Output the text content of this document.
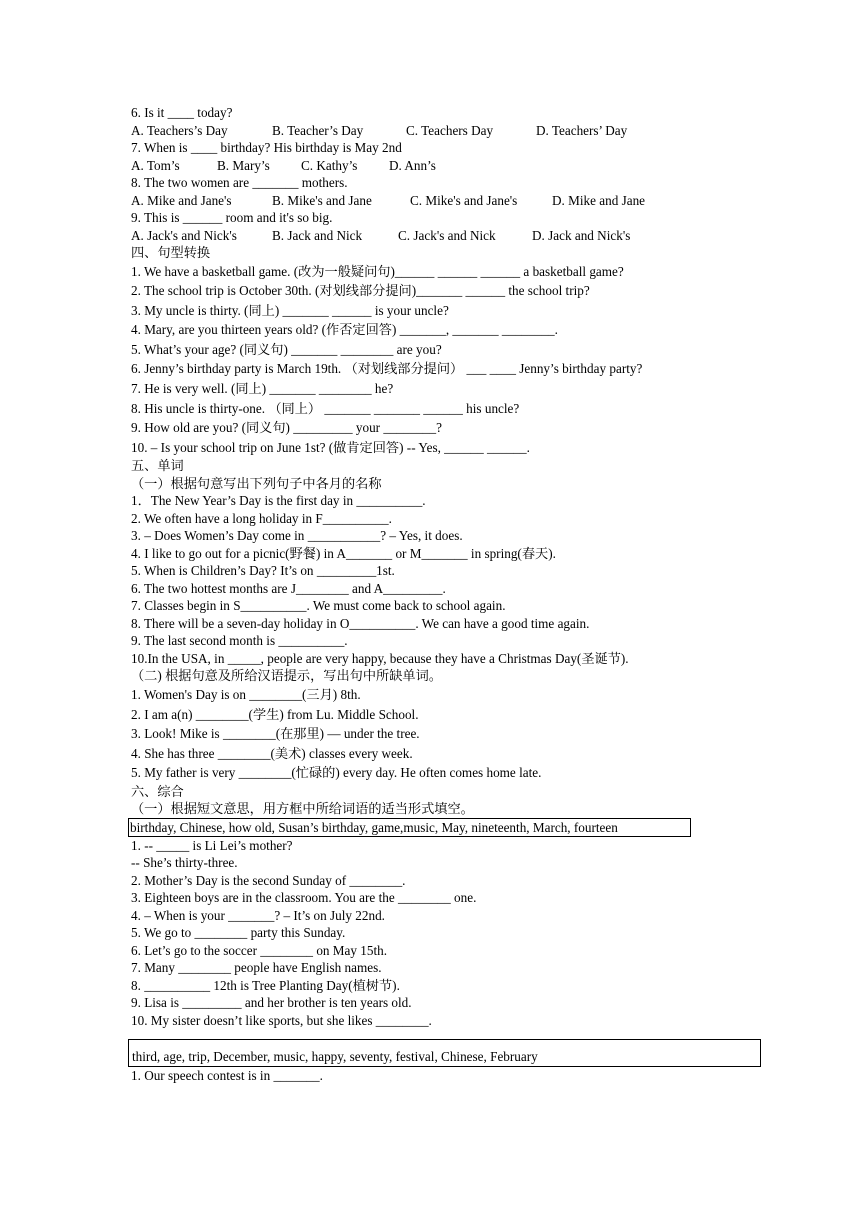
6. Is it ____ today?
A. Teachers’s Day	B. Teacher’s Day	C. Teachers Day	D. Teachers’ Day
7. When is ____ birthday? His birthday is May 2nd
A. Tom’s	B. Mary’s C. Kathy’s D. Ann’s
8. The two women are _______ mothers.
A. Mike and Jane's	B. Mike's and Jane	C. Mike's and Jane's	D. Mike and Jane
9. This is ______ room and it's so big.
A. Jack's and Nick's	B. Jack and Nick	C. Jack's and Nick	D. Jack and Nick's
四、句型转换
1. We have a basketball game. (改为一般疑问句)______ ______ ______ a basketball game?
2. The school trip is October 30th. (对划线部分提问)_______ ______ the school trip?
3. My uncle is thirty. (同上) _______ ______ is your uncle?
4. Mary, are you thirteen years old? (作否定回答) _______, _______ ________.
5. What’s your age? (同义句) _______ ________ are you?
6. Jenny’s birthday party is March 19th. （对划线部分提问） ___ ____ Jenny’s birthday party?
7. He is very well. (同上) _______ ________ he?
8. His uncle is thirty-one. （同上） _______ _______ ______ his uncle?
9. How old are you? (同义句) _________ your ________?
10. – Is your school trip on June 1st? (做肯定回答) -- Yes, ______ ______.
五、单词
（一）根据句意写出下列句子中各月的名称
1．The New Year’s Day is the first day in __________.
2. We often have a long holiday in F__________.
3. – Does Women’s Day come in ___________? – Yes, it does.
4. I like to go out for a picnic(野餐) in A_______ or M_______ in spring(春天).
5. When is Children’s Day? It’s on _________1st.
6. The two hottest months are J________ and A_________.
7. Classes begin in S__________. We must come back to school again.
8. There will be a seven-day holiday in O__________. We can have a good time again.
9. The last second month is __________.
10.In the USA, in _____, people are very happy, because they have a Christmas Day(圣诞节).
（二) 根据句意及所给汉语提示，写出句中所缺单词。
1. Women's Day is on ________(三月) 8th.
2. I am a(n) ________(学生) from Lu. Middle School.
3. Look! Mike is ________(在那里) — under the tree.
4. She has three ________(美术) classes every week.
5. My father is very ________(忙碌的) every day. He often comes home late.
六、综合
（一）根据短文意思，用方框中所给词语的适当形式填空。
birthday, Chinese, how old, Susan’s birthday, game,music, May, nineteenth, March, fourteen
1. -- _____ is Li Lei’s mother?
-- She’s thirty-three.
2. Mother’s Day is the second Sunday of ________.
3. Eighteen boys are in the classroom. You are the ________ one.
4. – When is your _______? – It’s on July 22nd.
5. We go to ________ party this Sunday.
6. Let’s go to the soccer ________ on May 15th.
7. Many ________ people have English names.
8. __________ 12th is Tree Planting Day(植树节).
9. Lisa is _________ and her brother is ten years old.
10. My sister doesn’t like sports, but she likes ________.
third, age, trip, December, music, happy, seventy, festival, Chinese, February
1. Our speech contest is in _______.
